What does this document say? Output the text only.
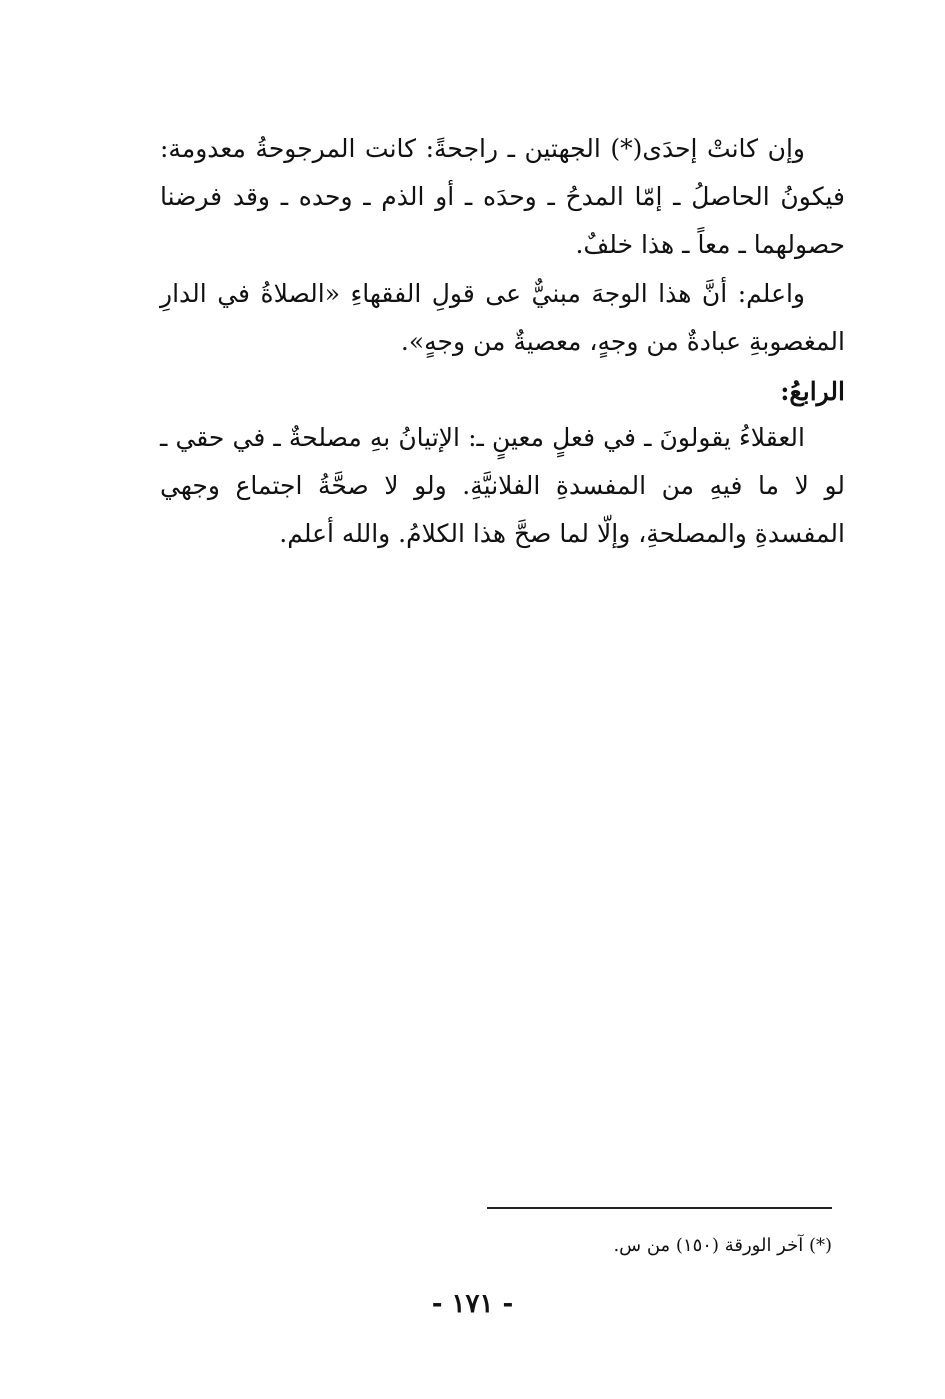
وإن كانتْ إحدَى(*) الجهتين ـ راجحةً: كانت المرجوحةُ معدومة: فيكونُ الحاصلُ ـ إمّا المدحُ ـ وحدَه ـ أو الذم ـ وحده ـ وقد فرضنا حصولهما ـ معاً ـ هذا خلفٌ.

واعلم: أنَّ هذا الوجهَ مبنيٌّ عى قولِ الفقهاءِ «الصلاةُ في الدارِ المغصوبةِ عبادةٌ من وجهٍ، معصيةٌ من وجهٍ».

الرابعُ:

العقلاءُ يقولونَ ـ في فعلٍ معينٍ ـ: الإتيانُ بهِ مصلحةٌ ـ في حقي ـ لو لا ما فيهِ من المفسدةِ الفلانيَّةِ. ولو لا صحَّةُ اجتماع وجهي المفسدةِ والمصلحةِ، وإلّا لما صحَّ هذا الكلامُ. والله أعلم.

(*) آخر الورقة (١٥٠) من س.
- ١٧١ -
